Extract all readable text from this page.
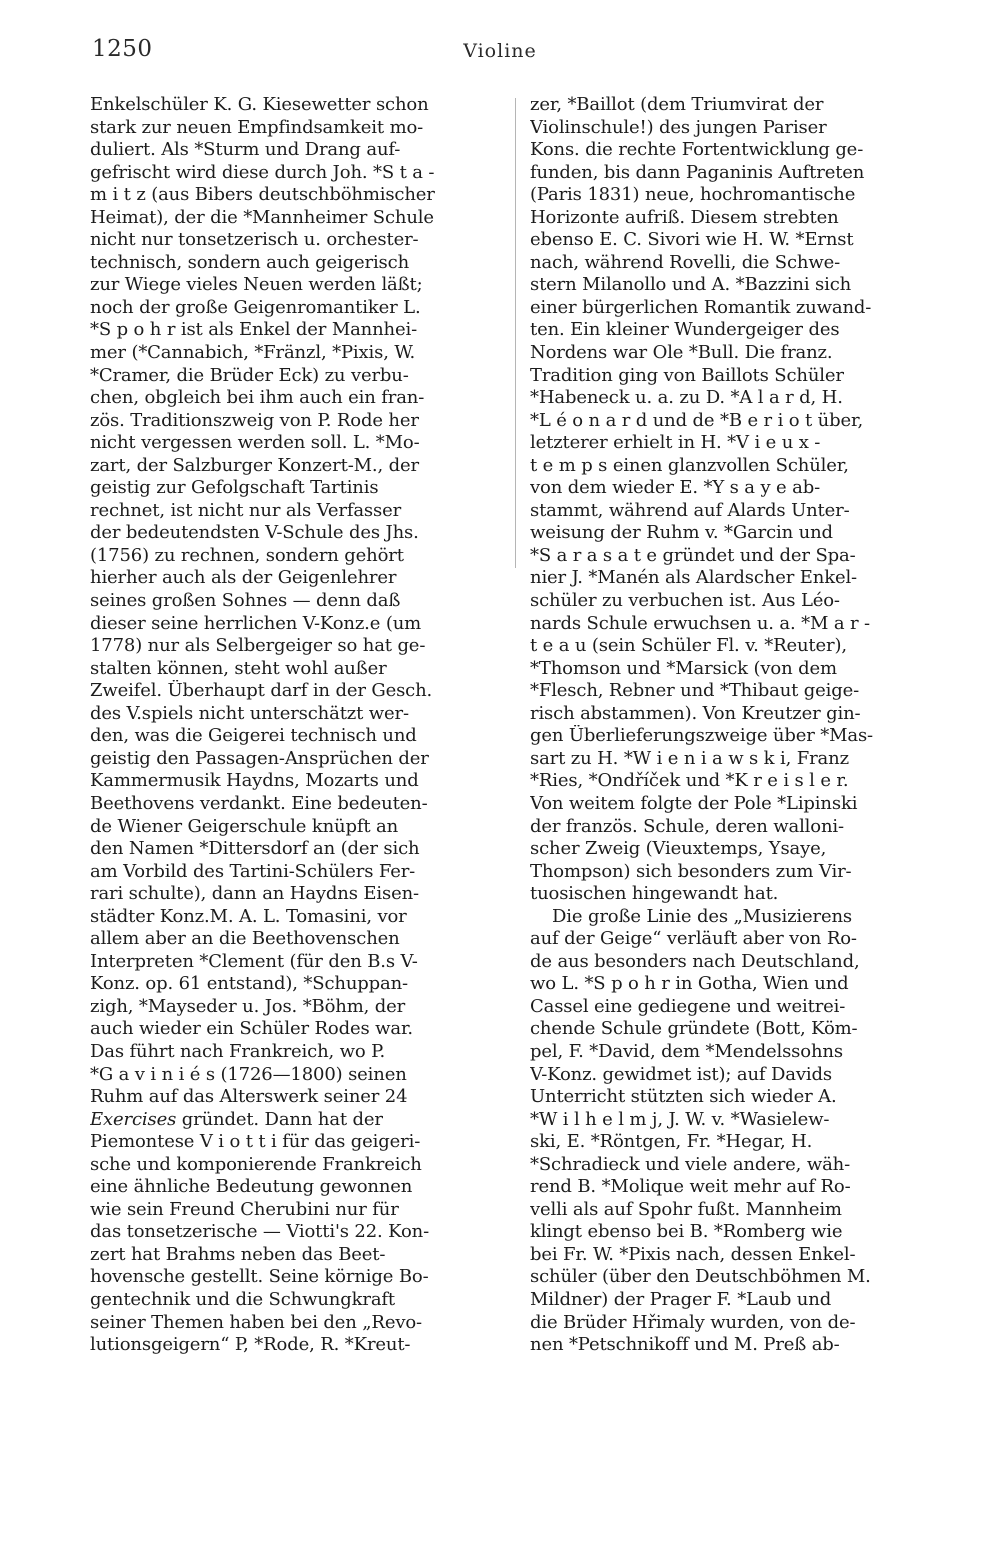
1250	Violine
Enkelschüler K. G. Kiesewetter schon
stark zur neuen Empfindsamkeit mo-
duliert. Als *Sturm und Drang auf-
gefrischt wird diese durch Joh. *S t a -
m i t z (aus Bibers deutschböhmischer
Heimat), der die *Mannheimer Schule
nicht nur tonsetzerisch u. orchester-
technisch, sondern auch geigerisch
zur Wiege vieles Neuen werden läßt;
noch der große Geigenromantiker L.
*S p o h r ist als Enkel der Mannhei-
mer (*Cannabich, *Fränzl, *Pixis, W.
*Cramer, die Brüder Eck) zu verbu-
chen, obgleich bei ihm auch ein fran-
zös. Traditionszweig von P. Rode her
nicht vergessen werden soll. L. *Mo-
zart, der Salzburger Konzert-M., der
geistig zur Gefolgschaft Tartinis
rechnet, ist nicht nur als Verfasser
der bedeutendsten V-Schule des Jhs.
(1756) zu rechnen, sondern gehört
hierher auch als der Geigenlehrer
seines großen Sohnes — denn daß
dieser seine herrlichen V-Konz.e (um
1778) nur als Selbergeiger so hat ge-
stalten können, steht wohl außer
Zweifel. Überhaupt darf in der Gesch.
des V.spiels nicht unterschätzt wer-
den, was die Geigerei technisch und
geistig den Passagen-Ansprüchen der
Kammermusik Haydns, Mozarts und
Beethovens verdankt. Eine bedeuten-
de Wiener Geigerschule knüpft an
den Namen *Dittersdorf an (der sich
am Vorbild des Tartini-Schülers Fer-
rari schulte), dann an Haydns Eisen-
städter Konz.M. A. L. Tomasini, vor
allem aber an die Beethovenschen
Interpreten *Clement (für den B.s V-
Konz. op. 61 entstand), *Schuppan-
zigh, *Mayseder u. Jos. *Böhm, der
auch wieder ein Schüler Rodes war.
Das führt nach Frankreich, wo P.
*G a v i n i é s (1726—1800) seinen
Ruhm auf das Alterswerk seiner 24
Exercises gründet. Dann hat der
Piemontese V i o t t i für das geigeri-
sche und komponierende Frankreich
eine ähnliche Bedeutung gewonnen
wie sein Freund Cherubini nur für
das tonsetzerische — Viotti's 22. Kon-
zert hat Brahms neben das Beet-
hovensche gestellt. Seine körnige Bo-
gentechnik und die Schwungkraft
seiner Themen haben bei den „Revo-
lutionsgeigern“ P, *Rode, R. *Kreut-
zer, *Baillot (dem Triumvirat der
Violinschule!) des jungen Pariser
Kons. die rechte Fortentwicklung ge-
funden, bis dann Paganinis Auftreten
(Paris 1831) neue, hochromantische
Horizonte aufriß. Diesem strebten
ebenso E. C. Sivori wie H. W. *Ernst
nach, während Rovelli, die Schwe-
stern Milanollo und A. *Bazzini sich
einer bürgerlichen Romantik zuwand-
ten. Ein kleiner Wundergeiger des
Nordens war Ole *Bull. Die franz.
Tradition ging von Baillots Schüler
*Habeneck u. a. zu D. *A l a r d, H.
*L é o n a r d und de *B e r i o t über,
letzterer erhielt in H. *V i e u x -
t e m p s einen glanzvollen Schüler,
von dem wieder E. *Y s a y e ab-
stammt, während auf Alards Unter-
weisung der Ruhm v. *Garcin und
*S a r a s a t e gründet und der Spa-
nier J. *Manén als Alardscher Enkel-
schüler zu verbuchen ist. Aus Léo-
nards Schule erwuchsen u. a. *M a r -
t e a u (sein Schüler Fl. v. *Reuter),
*Thomson und *Marsick (von dem
*Flesch, Rebner und *Thibaut geige-
risch abstammen). Von Kreutzer gin-
gen Überlieferungszweige über *Mas-
sart zu H. *W i e n i a w s k i, Franz
*Ries, *Ondříček und *K r e i s l e r.
Von weitem folgte der Pole *Lipinski
der französ. Schule, deren walloni-
scher Zweig (Vieuxtemps, Ysaye,
Thompson) sich besonders zum Vir-
tuosischen hingewandt hat.
Die große Linie des „Musizierens
auf der Geige“ verläuft aber von Ro-
de aus besonders nach Deutschland,
wo L. *S p o h r in Gotha, Wien und
Cassel eine gediegene und weitrei-
chende Schule gründete (Bott, Köm-
pel, F. *David, dem *Mendelssohns
V-Konz. gewidmet ist); auf Davids
Unterricht stützten sich wieder A.
*W i l h e l m j, J. W. v. *Wasielew-
ski, E. *Röntgen, Fr. *Hegar, H.
*Schradieck und viele andere, wäh-
rend B. *Molique weit mehr auf Ro-
velli als auf Spohr fußt. Mannheim
klingt ebenso bei B. *Romberg wie
bei Fr. W. *Pixis nach, dessen Enkel-
schüler (über den Deutschböhmen M.
Mildner) der Prager F. *Laub und
die Brüder Hřimaly wurden, von de-
nen *Petschnikoff und M. Preß ab-
